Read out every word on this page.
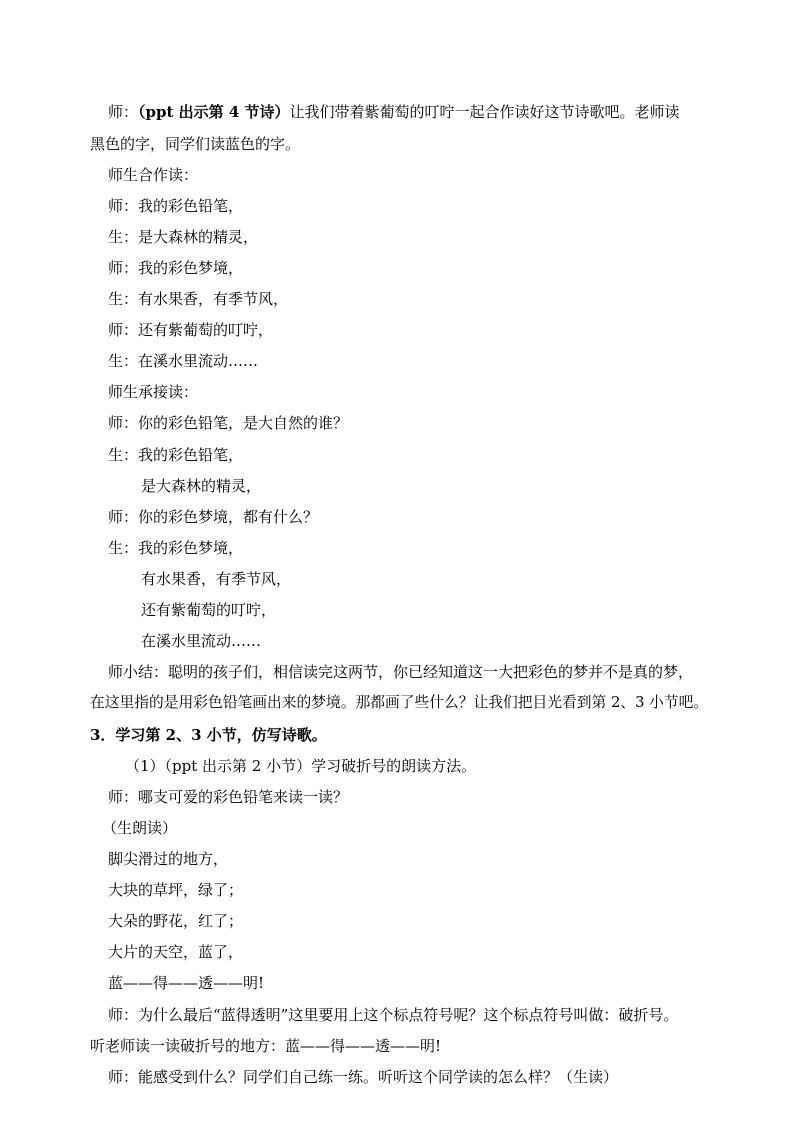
师：（ppt 出示第 4 节诗）让我们带着紫葡萄的叮咛一起合作读好这节诗歌吧。老师读
黑色的字，同学们读蓝色的字。
师生合作读：
师：我的彩色铅笔，
生：是大森林的精灵，
师：我的彩色梦境，
生：有水果香，有季节风，
师：还有紫葡萄的叮咛，
生：在溪水里流动……
师生承接读：
师：你的彩色铅笔，是大自然的谁？
生：我的彩色铅笔，
是大森林的精灵，
师：你的彩色梦境，都有什么？
生：我的彩色梦境，
有水果香，有季节风，
还有紫葡萄的叮咛，
在溪水里流动……
师小结：聪明的孩子们，相信读完这两节，你已经知道这一大把彩色的梦并不是真的梦，
在这里指的是用彩色铅笔画出来的梦境。那都画了些什么？让我们把目光看到第 2、3 小节吧。
3．学习第 2、3 小节，仿写诗歌。
（1）（ppt 出示第 2 小节）学习破折号的朗读方法。
师：哪支可爱的彩色铅笔来读一读？
（生朗读）
脚尖滑过的地方，
大块的草坪，绿了；
大朵的野花，红了；
大片的天空，蓝了，
蓝——得——透——明!
师：为什么最后“蓝得透明”这里要用上这个标点符号呢？这个标点符号叫做：破折号。
听老师读一读破折号的地方：蓝——得——透——明!
师：能感受到什么？同学们自己练一练。听听这个同学读的怎么样？（生读）
